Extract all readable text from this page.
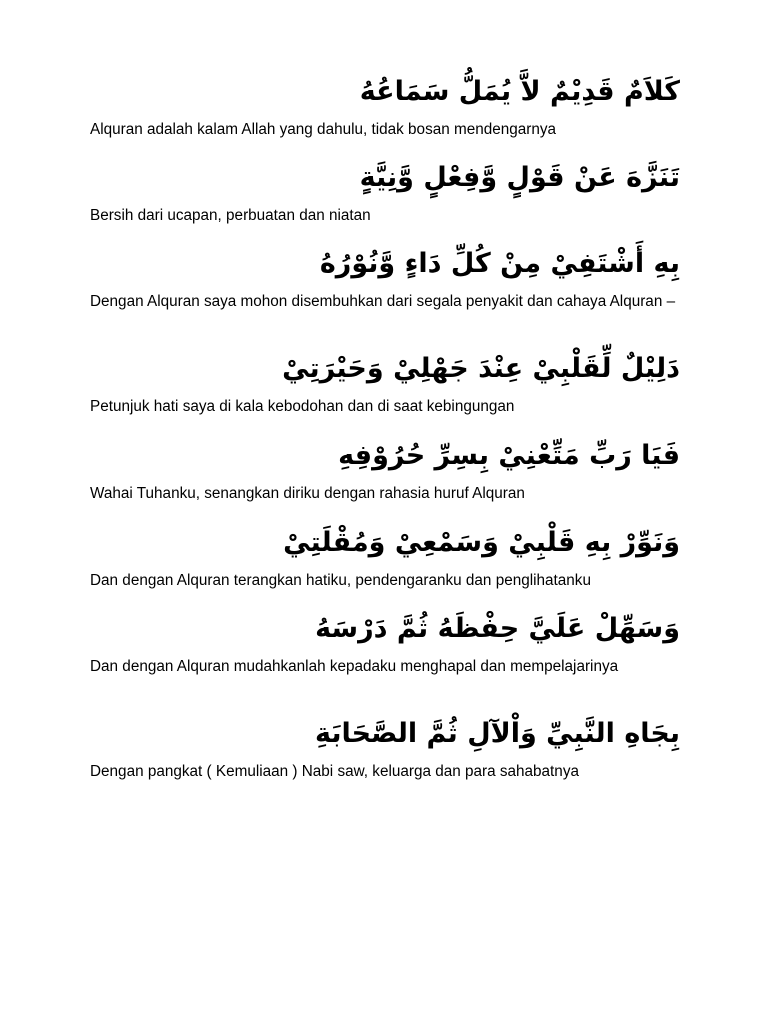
كَلاَمٌ قَدِيْمٌ لاَّ يُمَلُّ سَمَاعُهُ

Alquran adalah kalam Allah yang dahulu, tidak bosan mendengarnya

تَنَزَّهَ عَنْ قَوْلٍ وَّفِعْلٍ وَّنِيَّةٍ

Bersih dari ucapan, perbuatan dan niatan

بِهِ أَشْتَفِيْ مِنْ كُلِّ دَاءٍ وَّنُوْرُهُ

Dengan Alquran saya mohon disembuhkan dari segala penyakit dan cahaya Alquran –

دَلِيْلٌ لِّقَلْبِيْ عِنْدَ جَهْلِيْ وَحَيْرَتِيْ

Petunjuk hati saya di kala kebodohan dan di saat kebingungan

فَيَا رَبِّ مَتِّعْنِيْ بِسِرِّ حُرُوْفِهِ

Wahai Tuhanku, senangkan diriku dengan rahasia huruf Alquran

وَنَوِّرْ بِهِ قَلْبِيْ وَسَمْعِيْ وَمُقْلَتِيْ

Dan dengan Alquran terangkan hatiku, pendengaranku dan penglihatanku

وَسَهِّلْ عَلَيَّ حِفْظَهُ ثُمَّ دَرْسَهُ

Dan dengan Alquran mudahkanlah kepadaku menghapal dan mempelajarinya

بِجَاهِ النَّبِيِّ وَاْلآلِ ثُمَّ الصَّحَابَةِ

Dengan pangkat ( Kemuliaan ) Nabi saw, keluarga dan para sahabatnya
